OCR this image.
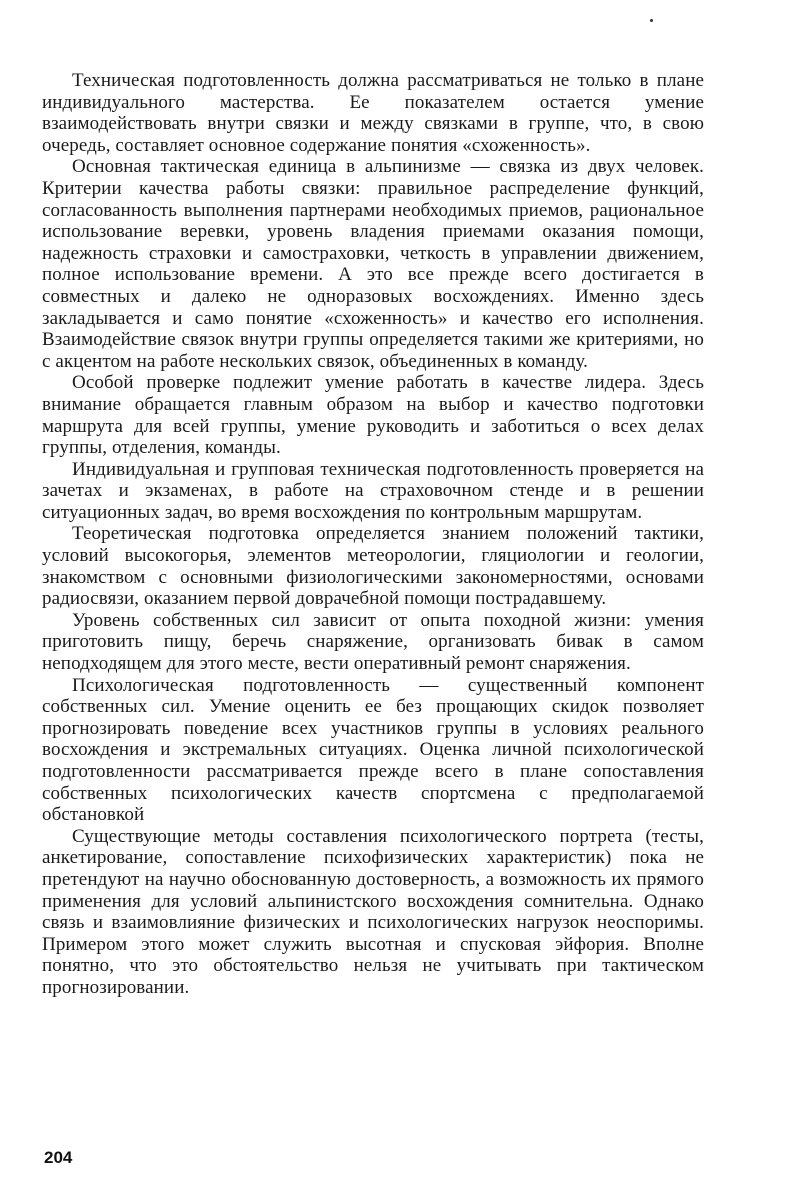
Техническая подготовленность должна рассматриваться не только в плане индивидуального мастерства. Ее показателем остается умение взаимодействовать внутри связки и между связками в группе, что, в свою очередь, составляет основное содержание понятия «схоженность».

Основная тактическая единица в альпинизме — связка из двух человек. Критерии качества работы связки: правильное распределение функций, согласованность выполнения партнерами необходимых приемов, рациональное использование веревки, уровень владения приемами оказания помощи, надежность страховки и самостраховки, четкость в управлении движением, полное использование времени. А это все прежде всего достигается в совместных и далеко не одноразовых восхождениях. Именно здесь закладывается и само понятие «схоженность» и качество его исполнения. Взаимодействие связок внутри группы определяется такими же критериями, но с акцентом на работе нескольких связок, объединенных в команду.

Особой проверке подлежит умение работать в качестве лидера. Здесь внимание обращается главным образом на выбор и качество подготовки маршрута для всей группы, умение руководить и заботиться о всех делах группы, отделения, команды.

Индивидуальная и групповая техническая подготовленность проверяется на зачетах и экзаменах, в работе на страховочном стенде и в решении ситуационных задач, во время восхождения по контрольным маршрутам.

Теоретическая подготовка определяется знанием положений тактики, условий высокогорья, элементов метеорологии, гляциологии и геологии, знакомством с основными физиологическими закономерностями, основами радиосвязи, оказанием первой доврачебной помощи пострадавшему.

Уровень собственных сил зависит от опыта походной жизни: умения приготовить пищу, беречь снаряжение, организовать бивак в самом неподходящем для этого месте, вести оперативный ремонт снаряжения.

Психологическая подготовленность — существенный компонент собственных сил. Умение оценить ее без прощающих скидок позволяет прогнозировать поведение всех участников группы в условиях реального восхождения и экстремальных ситуациях. Оценка личной психологической подготовленности рассматривается прежде всего в плане сопоставления собственных психологических качеств спортсмена с предполагаемой обстановкой

Существующие методы составления психологического портрета (тесты, анкетирование, сопоставление психофизических характеристик) пока не претендуют на научно обоснованную достоверность, а возможность их прямого применения для условий альпинистского восхождения сомнительна. Однако связь и взаимовлияние физических и психологических нагрузок неоспоримы. Примером этого может служить высотная и спусковая эйфория. Вполне понятно, что это обстоятельство нельзя не учитывать при тактическом прогнозировании.

204
